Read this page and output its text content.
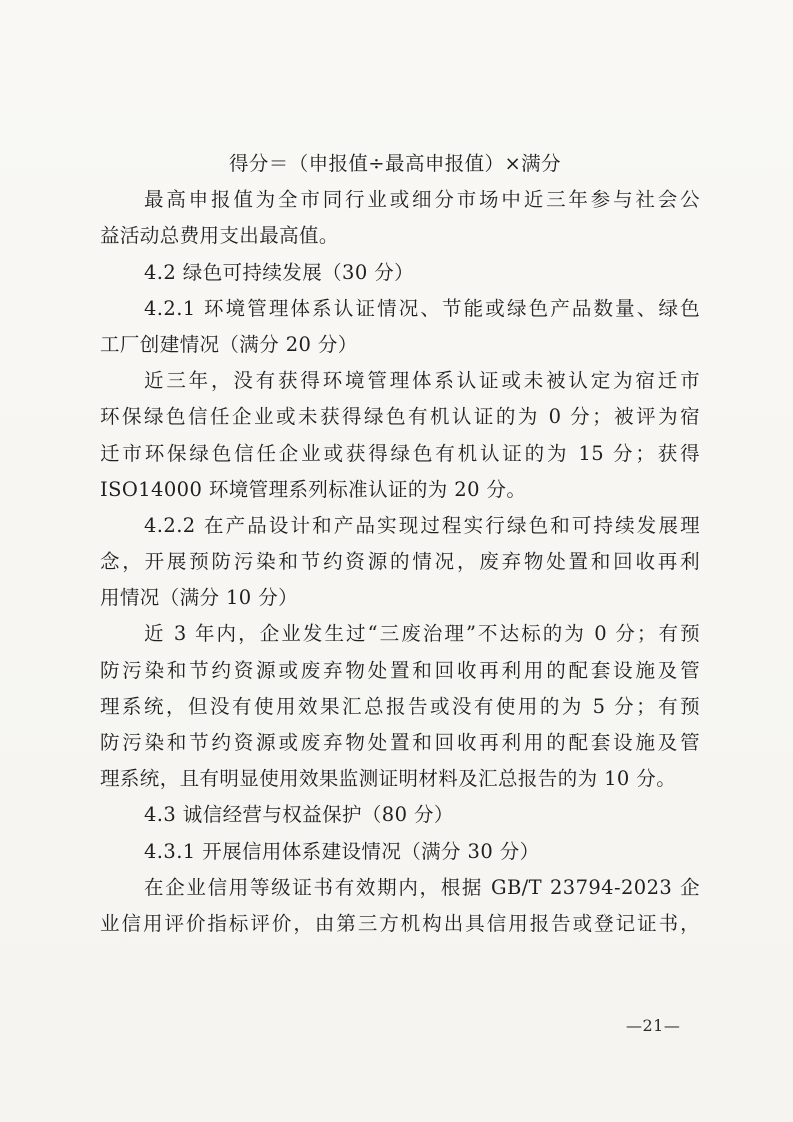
得分＝（申报值÷最高申报值）×满分
最高申报值为全市同行业或细分市场中近三年参与社会公
益活动总费用支出最高值。
4.2 绿色可持续发展（30 分）
4.2.1 环境管理体系认证情况、节能或绿色产品数量、绿色
工厂创建情况（满分 20 分）
近三年，没有获得环境管理体系认证或未被认定为宿迁市
环保绿色信任企业或未获得绿色有机认证的为 0 分；被评为宿
迁市环保绿色信任企业或获得绿色有机认证的为 15 分；获得
ISO14000 环境管理系列标准认证的为 20 分。
4.2.2 在产品设计和产品实现过程实行绿色和可持续发展理
念，开展预防污染和节约资源的情况，废弃物处置和回收再利
用情况（满分 10 分）
近 3 年内，企业发生过“三废治理”不达标的为 0 分；有预
防污染和节约资源或废弃物处置和回收再利用的配套设施及管
理系统，但没有使用效果汇总报告或没有使用的为 5 分；有预
防污染和节约资源或废弃物处置和回收再利用的配套设施及管
理系统，且有明显使用效果监测证明材料及汇总报告的为 10 分。
4.3 诚信经营与权益保护（80 分）
4.3.1 开展信用体系建设情况（满分 30 分）
在企业信用等级证书有效期内，根据 GB/T 23794-2023 企
业信用评价指标评价，由第三方机构出具信用报告或登记证书，
—21—
